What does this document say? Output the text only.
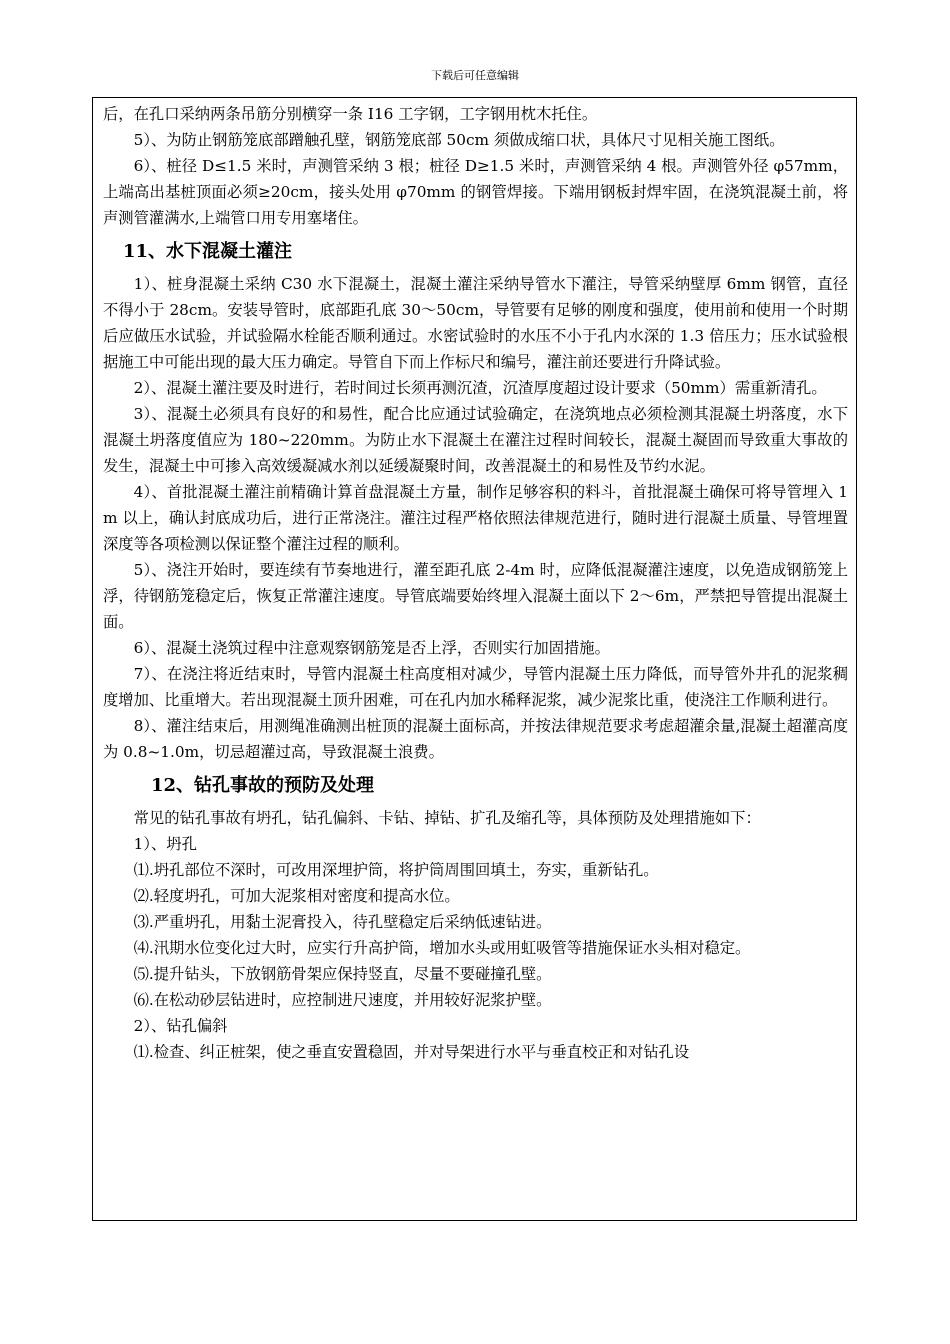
下载后可任意编辑
后，在孔口采纳两条吊筋分别横穿一条 I16 工字钢，工字钢用枕木托住。
5）、为防止钢筋笼底部蹭触孔壁，钢筋笼底部 50cm 须做成缩口状，具体尺寸见相关施工图纸。
6）、桩径 D≤1.5 米时，声测管采纳 3 根；桩径 D≥1.5 米时，声测管采纳 4 根。声测管外径 φ57mm，上端高出基桩顶面必须≥20cm，接头处用 φ70mm 的钢管焊接。下端用钢板封焊牢固，在浇筑混凝土前，将声测管灌满水,上端管口用专用塞堵住。
11、水下混凝土灌注
1）、桩身混凝土采纳 C30 水下混凝土，混凝土灌注采纳导管水下灌注，导管采纳壁厚 6mm 钢管，直径不得小于 28cm。安装导管时，底部距孔底 30～50cm，导管要有足够的刚度和强度，使用前和使用一个时期后应做压水试验，并试验隔水栓能否顺利通过。水密试验时的水压不小于孔内水深的 1.3 倍压力；压水试验根据施工中可能出现的最大压力确定。导管自下而上作标尺和编号，灌注前还要进行升降试验。
2）、混凝土灌注要及时进行，若时间过长须再测沉渣，沉渣厚度超过设计要求（50mm）需重新清孔。
3）、混凝土必须具有良好的和易性，配合比应通过试验确定，在浇筑地点必须检测其混凝土坍落度，水下混凝土坍落度值应为 180~220mm。为防止水下混凝土在灌注过程时间较长，混凝土凝固而导致重大事故的发生，混凝土中可掺入高效缓凝减水剂以延缓凝聚时间，改善混凝土的和易性及节约水泥。
4）、首批混凝土灌注前精确计算首盘混凝土方量，制作足够容积的料斗，首批混凝土确保可将导管埋入 1m 以上，确认封底成功后，进行正常浇注。灌注过程严格依照法律规范进行，随时进行混凝土质量、导管埋置深度等各项检测以保证整个灌注过程的顺利。
5）、浇注开始时，要连续有节奏地进行，灌至距孔底 2-4m 时，应降低混凝灌注速度，以免造成钢筋笼上浮，待钢筋笼稳定后，恢复正常灌注速度。导管底端要始终埋入混凝土面以下 2～6m，严禁把导管提出混凝土面。
6）、混凝土浇筑过程中注意观察钢筋笼是否上浮，否则实行加固措施。
7）、在浇注将近结束时，导管内混凝土柱高度相对减少，导管内混凝土压力降低，而导管外井孔的泥浆稠度增加、比重增大。若出现混凝土顶升困难，可在孔内加水稀释泥浆，减少泥浆比重，使浇注工作顺利进行。
8）、灌注结束后，用测绳准确测出桩顶的混凝土面标高，并按法律规范要求考虑超灌余量,混凝土超灌高度为 0.8~1.0m，切忌超灌过高，导致混凝土浪费。
12、钻孔事故的预防及处理
常见的钻孔事故有坍孔，钻孔偏斜、卡钻、掉钻、扩孔及缩孔等，具体预防及处理措施如下：
1）、坍孔
⑴.坍孔部位不深时，可改用深埋护筒，将护筒周围回填土，夯实，重新钻孔。
⑵.轻度坍孔，可加大泥浆相对密度和提高水位。
⑶.严重坍孔，用黏土泥膏投入，待孔壁稳定后采纳低速钻进。
⑷.汛期水位变化过大时，应实行升高护筒，增加水头或用虹吸管等措施保证水头相对稳定。
⑸.提升钻头，下放钢筋骨架应保持竖直，尽量不要碰撞孔壁。
⑹.在松动砂层钻进时，应控制进尺速度，并用较好泥浆护壁。
2）、钻孔偏斜
⑴.检查、纠正桩架，使之垂直安置稳固，并对导架进行水平与垂直校正和对钻孔设
